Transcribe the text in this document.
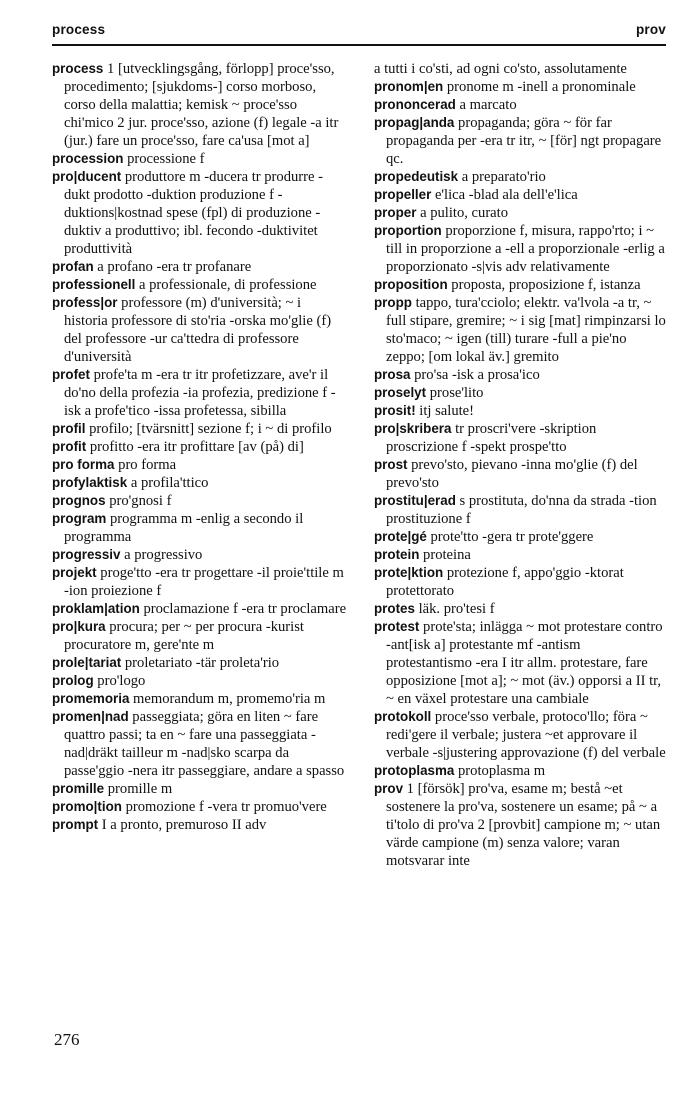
process	prov

process 1 [utvecklingsgång, förlopp] proce'sso, procedimento; [sjukdoms-] corso morboso, corso della malattia; kemisk ~ proce'sso chi'mico 2 jur. proce'sso, azione (f) legale -a itr (jur.) fare un proce'sso, fare ca'usa [mot a]

procession processione f

pro|ducent produttore m -ducera tr produrre -dukt prodotto -duktion produzione f -duktions|kostnad spese (fpl) di produzione -duktiv a produttivo; ibl. fecondo -duktivitet produttività

profan a profano -era tr profanare

professionell a professionale, di professione

profess|or professore (m) d'università; ~ i historia professore di sto'ria -orska mo'glie (f) del professore -ur ca'ttedra di professore d'università

profet profe'ta m -era tr itr profetizzare, ave'r il do'no della profezia -ia profezia, predizione f -isk a profe'tico -issa profetessa, sibilla

profil profilo; [tvärsnitt] sezione f; i ~ di profilo

profit profitto -era itr profittare [av (på) di]

pro forma pro forma

profylaktisk a profila'ttico

prognos pro'gnosi f

program programma m -enlig a secondo il programma

progressiv a progressivo

projekt proge'tto -era tr progettare -il proie'ttile m -ion proiezione f

proklam|ation proclamazione f -era tr proclamare

pro|kura procura; per ~ per procura -kurist procuratore m, gere'nte m

prole|tariat proletariato -tär proleta'rio

prolog pro'logo

promemoria memorandum m, promemo'ria m

promen|nad passeggiata; göra en liten ~ fare quattro passi; ta en ~ fare una passeggiata -nad|dräkt tailleur m -nad|sko scarpa da passe'ggio -nera itr passeggiare, andare a spasso

promille promille m

promo|tion promozione f -vera tr promuo'vere

prompt I a pronto, premuroso II adv

a tutti i co'sti, ad ogni co'sto, assolutamente

pronom|en pronome m -inell a pronominale

prononcerad a marcato

propag|anda propaganda; göra ~ för far propaganda per -era tr itr, ~ [för] ngt propagare qc.

propedeutisk a preparato'rio

propeller e'lica -blad ala dell'e'lica

proper a pulito, curato

proportion proporzione f, misura, rappo'rto; i ~ till in proporzione a -ell a proporzionale -erlig a proporzionato -s|vis adv relativamente

proposition proposta, proposizione f, istanza

propp tappo, tura'cciolo; elektr. va'lvola -a tr, ~ full stipare, gremire; ~ i sig [mat] rimpinzarsi lo sto'maco; ~ igen (till) turare -full a pie'no zeppo; [om lokal äv.] gremito

prosa pro'sa -isk a prosa'ico

proselyt prose'lito

prosit! itj salute!

pro|skribera tr proscri'vere -skription proscrizione f -spekt prospe'tto

prost prevo'sto, pievano -inna mo'glie (f) del prevo'sto

prostitu|erad s prostituta, do'nna da strada -tion prostituzione f

prote|gé prote'tto -gera tr prote'ggere

protein proteina

prote|ktion protezione f, appo'ggio -ktorat protettorato

protes läk. pro'tesi f

protest prote'sta; inlägga ~ mot protestare contro -ant[isk a] protestante mf -antism protestantismo -era I itr allm. protestare, fare opposizione [mot a]; ~ mot (äv.) opporsi a II tr, ~ en växel protestare una cambiale

protokoll proce'sso verbale, protoco'llo; föra ~ redi'gere il verbale; justera ~et approvare il verbale -s|justering approvazione (f) del verbale

protoplasma protoplasma m

prov 1 [försök] pro'va, esame m; bestå ~et sostenere la pro'va, sostenere un esame; på ~ a ti'tolo di pro'va 2 [provbit] campione m; ~ utan värde campione (m) senza valore; varan motsvarar inte

276
